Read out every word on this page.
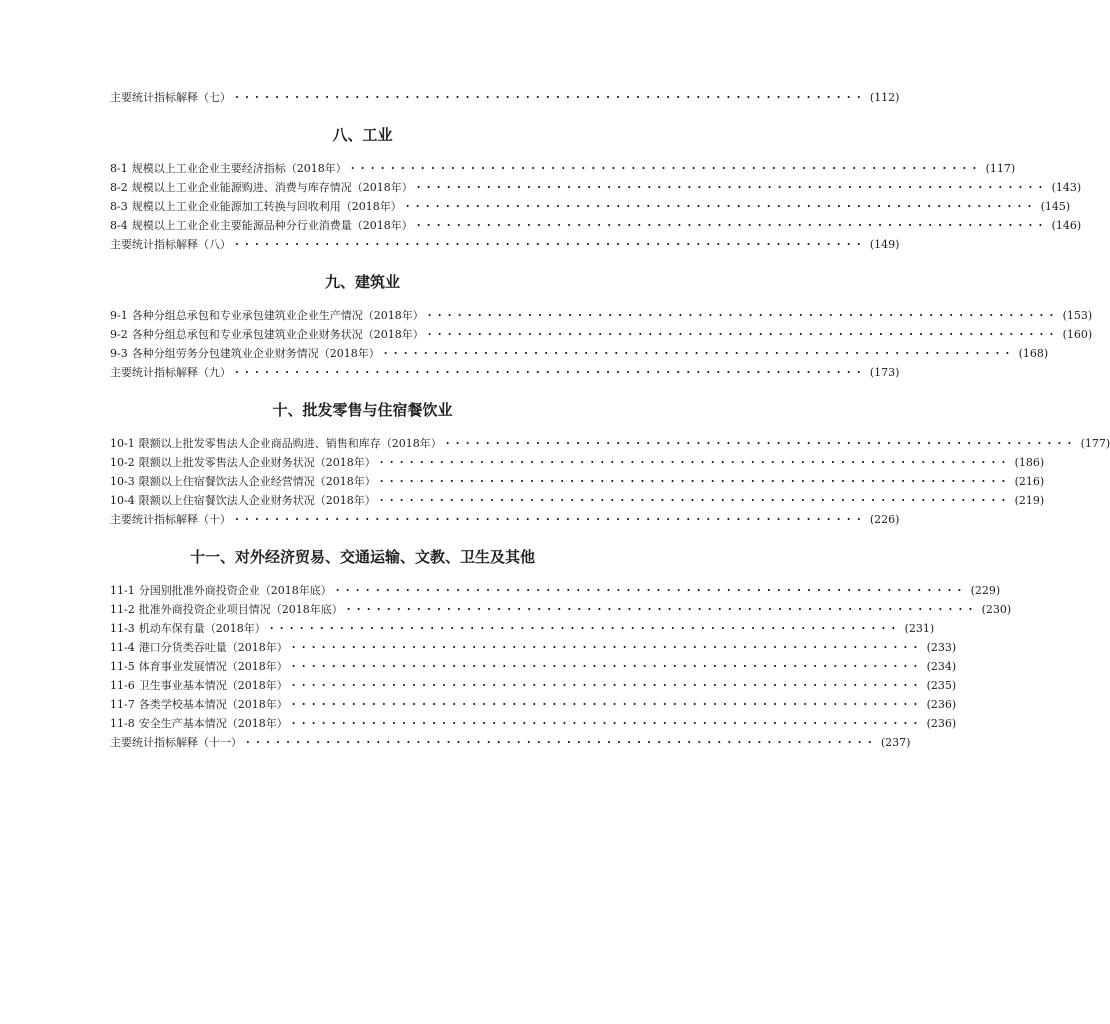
主要统计指标解释（七） ······························································· (112)
八、工业
8-1 规模以上工业企业主要经济指标（2018年） ······························································· (117)
8-2 规模以上工业企业能源购进、消费与库存情况（2018年） ······························································· (143)
8-3 规模以上工业企业能源加工转换与回收利用（2018年） ······························································· (145)
8-4 规模以上工业企业主要能源品种分行业消费量（2018年） ······························································· (146)
主要统计指标解释（八） ······························································· (149)
九、建筑业
9-1 各种分组总承包和专业承包建筑业企业生产情况（2018年） ······························································· (153)
9-2 各种分组总承包和专业承包建筑业企业财务状况（2018年） ······························································· (160)
9-3 各种分组劳务分包建筑业企业财务情况（2018年） ······························································· (168)
主要统计指标解释（九） ······························································· (173)
十、批发零售与住宿餐饮业
10-1 限额以上批发零售法人企业商品购进、销售和库存（2018年） ······························································· (177)
10-2 限额以上批发零售法人企业财务状况（2018年） ······························································· (186)
10-3 限额以上住宿餐饮法人企业经营情况（2018年） ······························································· (216)
10-4 限额以上住宿餐饮法人企业财务状况（2018年） ······························································· (219)
主要统计指标解释（十） ······························································· (226)
十一、对外经济贸易、交通运输、文教、卫生及其他
11-1 分国别批准外商投资企业（2018年底） ······························································· (229)
11-2 批准外商投资企业项目情况（2018年底） ······························································· (230)
11-3 机动车保有量（2018年） ······························································· (231)
11-4 港口分货类吞吐量（2018年） ······························································· (233)
11-5 体育事业发展情况（2018年） ······························································· (234)
11-6 卫生事业基本情况（2018年） ······························································· (235)
11-7 各类学校基本情况（2018年） ······························································· (236)
11-8 安全生产基本情况（2018年） ······························································· (236)
主要统计指标解释（十一） ······························································· (237)
